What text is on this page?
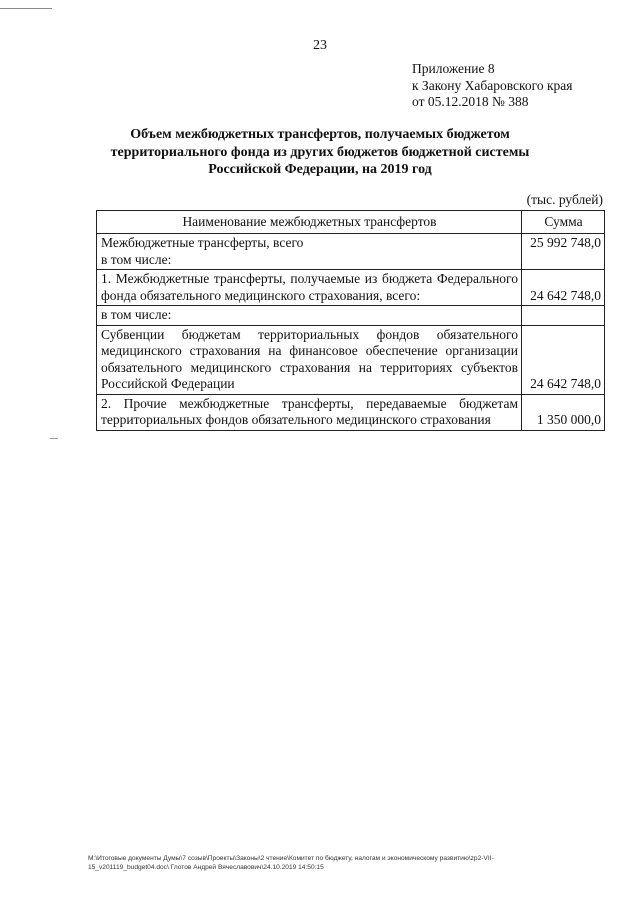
23
Приложение 8
к Закону Хабаровского края
от 05.12.2018 № 388
Объем межбюджетных трансфертов, получаемых бюджетом
территориального фонда из других бюджетов бюджетной системы
Российской Федерации, на 2019 год
(тыс. рублей)
Наименование межбюджетных трансфертов	Сумма

Межбюджетные трансферты, всего
в том числе:	25 992 748,0
1. Межбюджетные трансферты, получаемые из бюджета Федерального фонда обязательного медицинского страхования, всего:	24 642 748,0
в том числе:	
Субвенции бюджетам территориальных фондов обязательного медицинского страхования на финансовое обеспечение организации обязательного медицинского страхования на территориях субъектов Российской Федерации	24 642 748,0
2. Прочие межбюджетные трансферты, передаваемые бюджетам территориальных фондов обязательного медицинского страхования	1 350 000,0
М:\Итоговые документы Думы\7 созыв\Проекты\Законы\2 чтение\Комитет по бюджету, налогам и экономическому развитию\zp2-VII-
15_v201119_budget04.doc\ Глотов Андрей Вячеславович\24.10.2019 14:50:15
